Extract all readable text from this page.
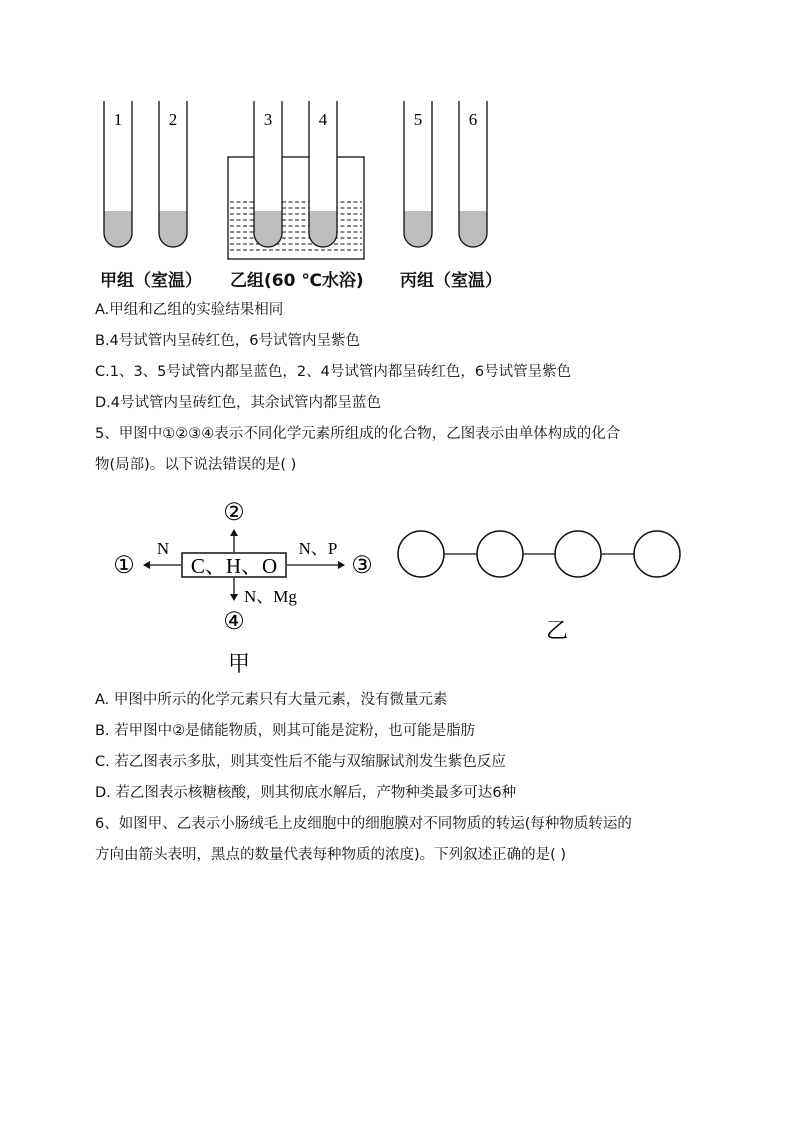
1	2	3	4	5	6
甲组（室温） 乙组(60 ℃水浴) 丙组（室温）
A.甲组和乙组的实验结果相同
B.4号试管内呈砖红色，6号试管内呈紫色
C.1、3、5号试管内都呈蓝色，2、4号试管内都呈砖红色，6号试管呈紫色
D.4号试管内呈砖红色，其余试管内都呈蓝色
5、甲图中①②③④表示不同化学元素所组成的化合物，乙图表示由单体构成的化合
物(局部)。以下说法错误的是( )
C、H、O
②
①	③
④
N	N、P
N、Mg
甲
乙
A. 甲图中所示的化学元素只有大量元素，没有微量元素
B. 若甲图中②是储能物质，则其可能是淀粉，也可能是脂肪
C. 若乙图表示多肽，则其变性后不能与双缩脲试剂发生紫色反应
D. 若乙图表示核糖核酸，则其彻底水解后，产物种类最多可达6种
6、如图甲、乙表示小肠绒毛上皮细胞中的细胞膜对不同物质的转运(每种物质转运的
方向由箭头表明，黑点的数量代表每种物质的浓度)。下列叙述正确的是( )
